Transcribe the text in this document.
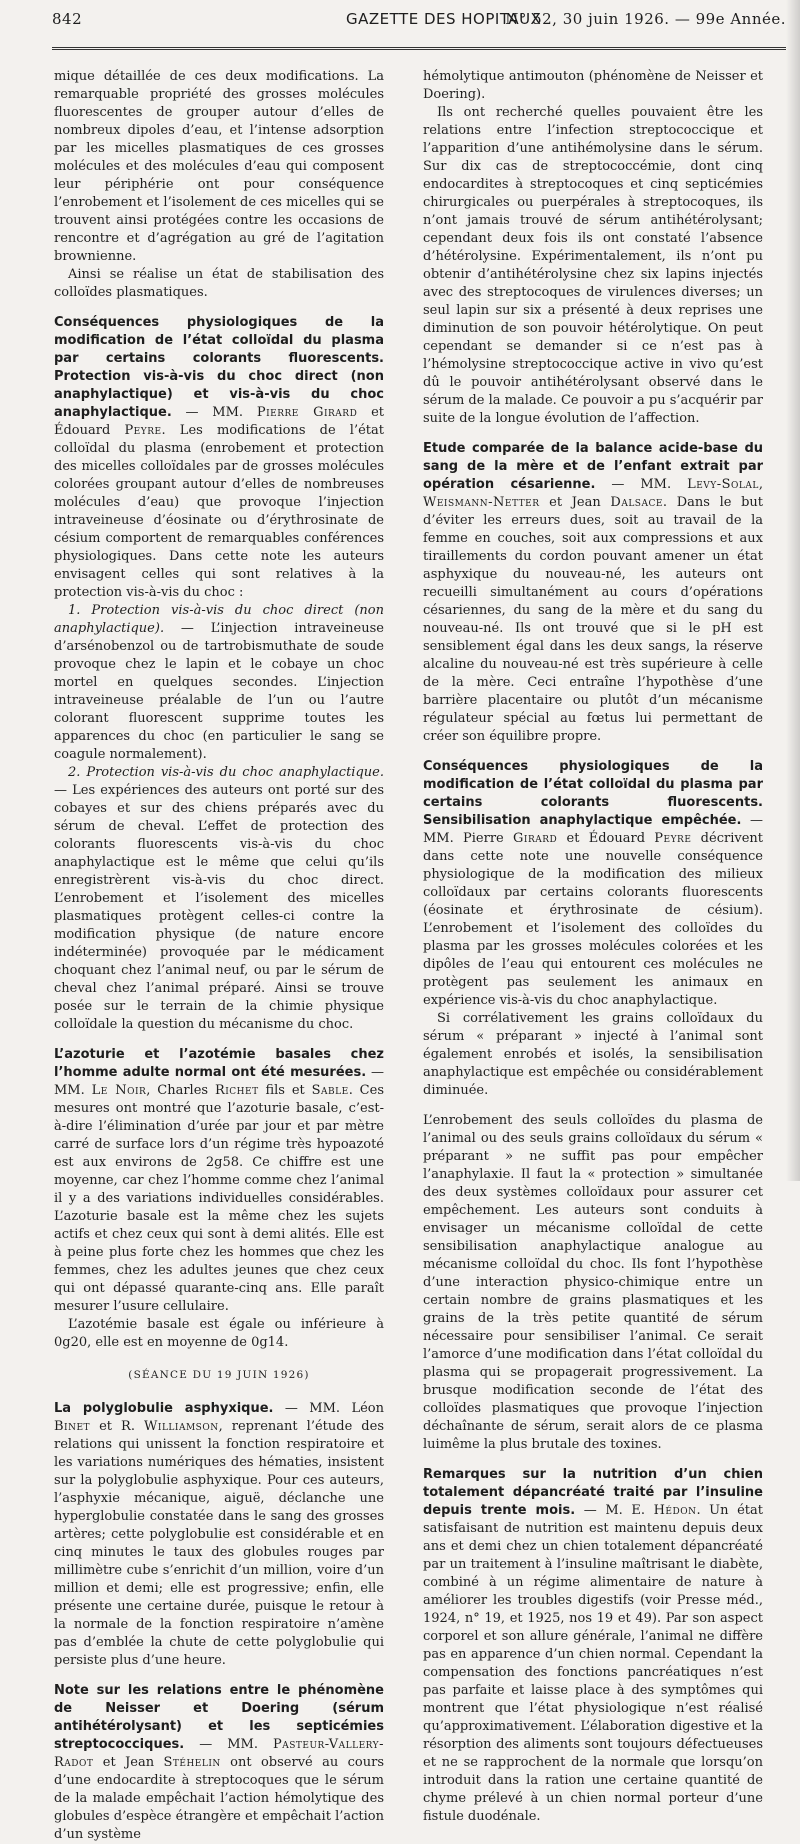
842	GAZETTE DES HOPITAUX
N° 52, 30 juin 1926. — 99e Année.

mique détaillée de ces deux modifications. La remarquable propriété des grosses molécules fluorescentes de grouper autour d’elles de nombreux dipoles d’eau, et l’intense adsorption par les micelles plasmatiques de ces grosses molécules et des molécules d’eau qui composent leur périphérie ont pour conséquence l’enrobement et l’isolement de ces micelles qui se trouvent ainsi protégées contre les occasions de rencontre et d’agrégation au gré de l’agitation brownienne.

Ainsi se réalise un état de stabilisation des colloïdes plasmatiques.

Conséquences physiologiques de la modification de l’état colloïdal du plasma par certains colorants fluorescents. Protection vis-à-vis du choc direct (non anaphylactique) et vis-à-vis du choc anaphylactique. — MM. Pierre Girard et Édouard Peyre. Les modifications de l’état colloïdal du plasma (enrobement et protection des micelles colloïdales par de grosses molécules colorées groupant autour d’elles de nombreuses molécules d’eau) que provoque l’injection intraveineuse d’éosinate ou d’érythrosinate de césium comportent de remarquables conférences physiologiques. Dans cette note les auteurs envisagent celles qui sont relatives à la protection vis-à-vis du choc :

1. Protection vis-à-vis du choc direct (non anaphylactique). — L’injection intraveineuse d’arsénobenzol ou de tartrobismuthate de soude provoque chez le lapin et le cobaye un choc mortel en quelques secondes. L’injection intraveineuse préalable de l’un ou l’autre colorant fluorescent supprime toutes les apparences du choc (en particulier le sang se coagule normalement).

2. Protection vis-à-vis du choc anaphylactique. — Les expériences des auteurs ont porté sur des cobayes et sur des chiens préparés avec du sérum de cheval. L’effet de protection des colorants fluorescents vis-à-vis du choc anaphylactique est le même que celui qu’ils enregistrèrent vis-à-vis du choc direct. L’enrobement et l’isolement des micelles plasmatiques protègent celles-ci contre la modification physique (de nature encore indéterminée) provoquée par le médicament choquant chez l’animal neuf, ou par le sérum de cheval chez l’animal préparé. Ainsi se trouve posée sur le terrain de la chimie physique colloïdale la question du mécanisme du choc.

L’azoturie et l’azotémie basales chez l’homme adulte normal ont été mesurées. — MM. Le Noir, Charles Richet fils et Sable. Ces mesures ont montré que l’azoturie basale, c’est-à-dire l’élimination d’urée par jour et par mètre carré de surface lors d’un régime très hypoazoté est aux environs de 2g58. Ce chiffre est une moyenne, car chez l’homme comme chez l’animal il y a des variations individuelles considérables. L’azoturie basale est la même chez les sujets actifs et chez ceux qui sont à demi alités. Elle est à peine plus forte chez les hommes que chez les femmes, chez les adultes jeunes que chez ceux qui ont dépassé quarante-cinq ans. Elle paraît mesurer l’usure cellulaire.

L’azotémie basale est égale ou inférieure à 0g20, elle est en moyenne de 0g14.

(SÉANCE DU 19 JUIN 1926)

La polyglobulie asphyxique. — MM. Léon Binet et R. Williamson, reprenant l’étude des relations qui unissent la fonction respiratoire et les variations numériques des hématies, insistent sur la polyglobulie asphyxique. Pour ces auteurs, l’asphyxie mécanique, aiguë, déclanche une hyperglobulie constatée dans le sang des grosses artères; cette polyglobulie est considérable et en cinq minutes le taux des globules rouges par millimètre cube s’enrichit d’un million, voire d’un million et demi; elle est progressive; enfin, elle présente une certaine durée, puisque le retour à la normale de la fonction respiratoire n’amène pas d’emblée la chute de cette polyglobulie qui persiste plus d’une heure.

Note sur les relations entre le phénomène de Neisser et Doering (sérum antihétérolysant) et les septicémies streptococciques. — MM. Pasteur-Vallery-Radot et Jean Stéhelin ont observé au cours d’une endocardite à streptocoques que le sérum de la malade empêchait l’action hémolytique des globules d’espèce étrangère et empêchait l’action d’un système

hémolytique antimouton (phénomène de Neisser et Doering).

Ils ont recherché quelles pouvaient être les relations entre l’infection streptococcique et l’apparition d’une antihémolysine dans le sérum. Sur dix cas de streptococcémie, dont cinq endocardites à streptocoques et cinq septicémies chirurgicales ou puerpérales à streptocoques, ils n’ont jamais trouvé de sérum antihétérolysant; cependant deux fois ils ont constaté l’absence d’hétérolysine. Expérimentalement, ils n’ont pu obtenir d’antihétérolysine chez six lapins injectés avec des streptocoques de virulences diverses; un seul lapin sur six a présenté à deux reprises une diminution de son pouvoir hétérolytique. On peut cependant se demander si ce n’est pas à l’hémolysine streptococcique active in vivo qu’est dû le pouvoir antihétérolysant observé dans le sérum de la malade. Ce pouvoir a pu s’acquérir par suite de la longue évolution de l’affection.

Etude comparée de la balance acide-base du sang de la mère et de l’enfant extrait par opération césarienne. — MM. Levy-Solal, Weismann-Netter et Jean Dalsace. Dans le but d’éviter les erreurs dues, soit au travail de la femme en couches, soit aux compressions et aux tiraillements du cordon pouvant amener un état asphyxique du nouveau-né, les auteurs ont recueilli simultanément au cours d’opérations césariennes, du sang de la mère et du sang du nouveau-né. Ils ont trouvé que si le pH est sensiblement égal dans les deux sangs, la réserve alcaline du nouveau-né est très supérieure à celle de la mère. Ceci entraîne l’hypothèse d’une barrière placentaire ou plutôt d’un mécanisme régulateur spécial au fœtus lui permettant de créer son équilibre propre.

Conséquences physiologiques de la modification de l’état colloïdal du plasma par certains colorants fluorescents. Sensibilisation anaphylactique empêchée. — MM. Pierre Girard et Édouard Peyre décrivent dans cette note une nouvelle conséquence physiologique de la modification des milieux colloïdaux par certains colorants fluorescents (éosinate et érythrosinate de césium). L’enrobement et l’isolement des colloïdes du plasma par les grosses molécules colorées et les dipôles de l’eau qui entourent ces molécules ne protègent pas seulement les animaux en expérience vis-à-vis du choc anaphylactique.

Si corrélativement les grains colloïdaux du sérum « préparant » injecté à l’animal sont également enrobés et isolés, la sensibilisation anaphylactique est empêchée ou considérablement diminuée.

L’enrobement des seuls colloïdes du plasma de l’animal ou des seuls grains colloïdaux du sérum « préparant » ne suffit pas pour empêcher l’anaphylaxie. Il faut la « protection » simultanée des deux systèmes colloïdaux pour assurer cet empêchement. Les auteurs sont conduits à envisager un mécanisme colloïdal de cette sensibilisation anaphylactique analogue au mécanisme colloïdal du choc. Ils font l’hypothèse d’une interaction physico-chimique entre un certain nombre de grains plasmatiques et les grains de la très petite quantité de sérum nécessaire pour sensibiliser l’animal. Ce serait l’amorce d’une modification dans l’état colloïdal du plasma qui se propagerait progressivement. La brusque modification seconde de l’état des colloïdes plasmatiques que provoque l’injection déchaînante de sérum, serait alors de ce plasma luimême la plus brutale des toxines.

Remarques sur la nutrition d’un chien totalement dépancréaté traité par l’insuline depuis trente mois. — M. E. Hédon. Un état satisfaisant de nutrition est maintenu depuis deux ans et demi chez un chien totalement dépancréaté par un traitement à l’insuline maîtrisant le diabète, combiné à un régime alimentaire de nature à améliorer les troubles digestifs (voir Presse méd., 1924, n° 19, et 1925, nos 19 et 49). Par son aspect corporel et son allure générale, l’animal ne diffère pas en apparence d’un chien normal. Cependant la compensation des fonctions pancréatiques n’est pas parfaite et laisse place à des symptômes qui montrent que l’état physiologique n’est réalisé qu’approximativement. L’élaboration digestive et la résorption des aliments sont toujours défectueuses et ne se rapprochent de la normale que lorsqu’on introduit dans la ration une certaine quantité de chyme prélevé à un chien normal porteur d’une fistule duodénale.
